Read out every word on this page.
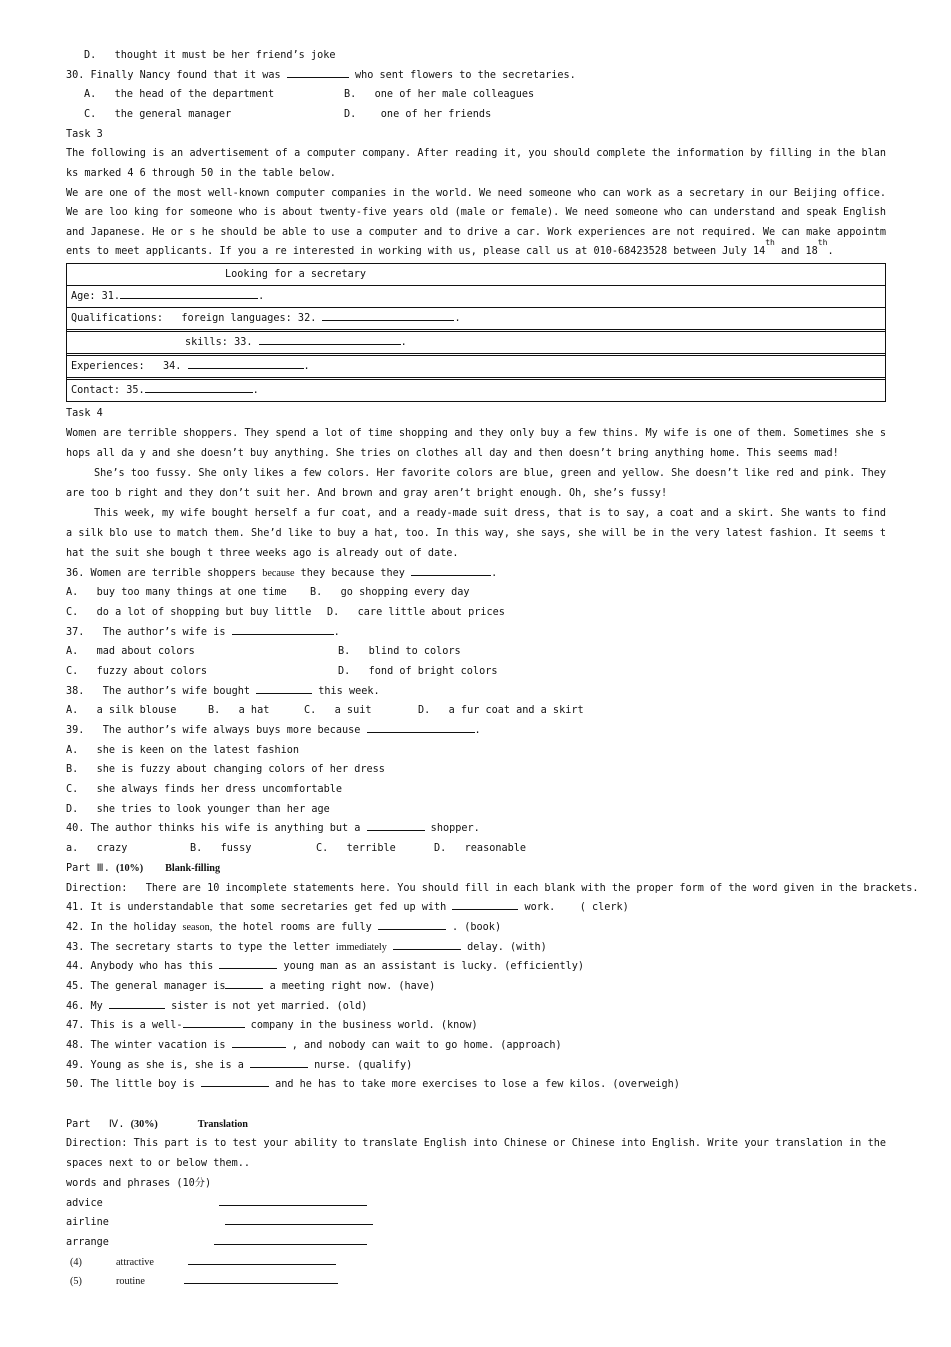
D.   thought it must be her friend’s joke
30. Finally Nancy found that it was	who sent flowers to the secretaries.
A.   the head of the department	B.   one of her male colleagues
C.   the general manager	D.    one of her friends
Task 3
The following is an advertisement of a computer company. After reading it, you should complete the information by filling in the blanks marked 4 6 through 50 in the table below.
We are one of the most well-known computer companies in the world. We need someone who can work as a secretary in our Beijing office. We are loo king for someone who is about twenty-five years old (male or female). We need someone who can understand and speak English and Japanese. He or s he should be able to use a computer and to drive a car. Work experiences are not required. We can make appointments to meet applicants. If you a re interested in working with us, please call us at 010-68423528 between July 14th and 18th.
Looking for a secretary
Age: 31.	.
Qualifications:   foreign languages: 32.	.
skills: 33.	.
Experiences:   34.	.
Contact: 35.	.
Task 4
Women are terrible shoppers. They spend a lot of time shopping and they only buy a few thins. My wife is one of them. Sometimes she shops all da y and she doesn’t buy anything. She tries on clothes all day and then doesn’t bring anything home. This seems mad!
She’s too fussy. She only likes a few colors. Her favorite colors are blue, green and yellow. She doesn’t like red and pink. They are too b right and they don’t suit her. And brown and gray aren’t bright enough. Oh, she’s fussy!
This week, my wife bought herself a fur coat, and a ready-made suit dress, that is to say, a coat and a skirt. She wants to find a silk blo use to match them. She’d like to buy a hat, too. In this way, she says, she will be in the very latest fashion. It seems that the suit she bough t three weeks ago is already out of date.
36. Women are terrible shoppers because they because they	.
A.   buy too many things at one time B.   go shopping every day
C.   do a lot of shopping but buy little D.   care little about prices
37.   The author’s wife is	.
A.   mad about colors	B.   blind to colors
C.   fuzzy about colors	D.   fond of bright colors
38.   The author’s wife bought	this week.
A.   a silk blouse	B.   a hat	C.   a suit	D.   a fur coat and a skirt
39.   The author’s wife always buys more because	.
A.   she is keen on the latest fashion
B.   she is fuzzy about changing colors of her dress
C.   she always finds her dress uncomfortable
D.   she tries to look younger than her age
40. The author thinks his wife is anything but a	shopper.
a.   crazy	B.   fussy	C.   terrible	D.   reasonable
Part Ⅲ. (10%) Blank-filling
Direction:   There are 10 incomplete statements here. You should fill in each blank with the proper form of the word given in the brackets.
41. It is understandable that some secretaries get fed up with	work.    ( clerk)
42. In the holiday season, the hotel rooms are fully	. (book)
43. The secretary starts to type the letter immediately	delay. (with)
44. Anybody who has this	young man as an assistant is lucky. (efficiently)
45. The general manager is	a meeting right now. (have)
46. My	sister is not yet married. (old)
47. This is a well-	company in the business world. (know)
48. The winter vacation is	, and nobody can wait to go home. (approach)
49. Young as she is, she is a	nurse. (qualify)
50. The little boy is	and he has to take more exercises to lose a few kilos. (overweigh)
Part   Ⅳ. (30%)	Translation
Direction: This part is to test your ability to translate English into Chinese or Chinese into English. Write your translation in the spaces next to or below them..
words and phrases (10分)
advice
airline
arrange
(4)	attractive
(5)	routine
